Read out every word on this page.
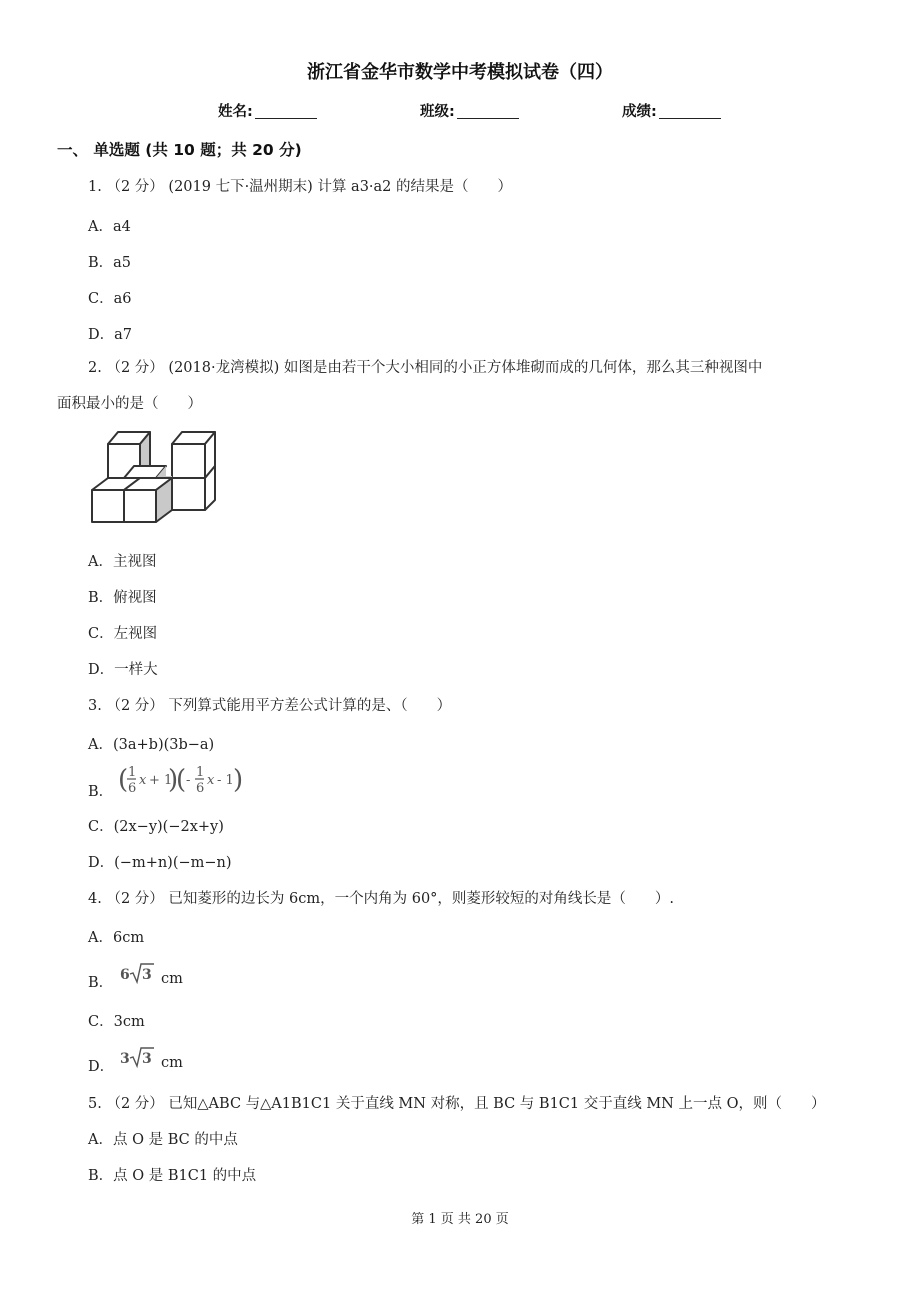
浙江省金华市数学中考模拟试卷（四）
姓名:	班级:	成绩:
一、 单选题 (共 10 题；共 20 分)
1. （2 分） (2019 七下·温州期末) 计算 a3·a2 的结果是（　　）
A．a4
B．a5
C．a6
D．a7
2. （2 分） (2018·龙湾模拟) 如图是由若干个大小相同的小正方体堆砌而成的几何体，那么其三种视图中
面积最小的是（　　）
A．主视图
B．俯视图
C．左视图
D．一样大
3. （2 分） 下列算式能用平方差公式计算的是、（　　）
A．(3a+b)(3b−a)
B． ( 1
6
x + 1
)
( -
1
6
x - 1 )
C．(2x−y)(−2x+y)
D．(−m+n)(−m−n)
4. （2 分） 已知菱形的边长为 6cm，一个内角为 60°，则菱形较短的对角线长是（　　）.
A．6cm
B． 6 3 cm
C．3cm
D． 3 3 cm
5. （2 分） 已知△ABC 与△A1B1C1 关于直线 MN 对称，且 BC 与 B1C1 交于直线 MN 上一点 O，则（　　）
A．点 O 是 BC 的中点
B．点 O 是 B1C1 的中点
第 1 页 共 20 页
